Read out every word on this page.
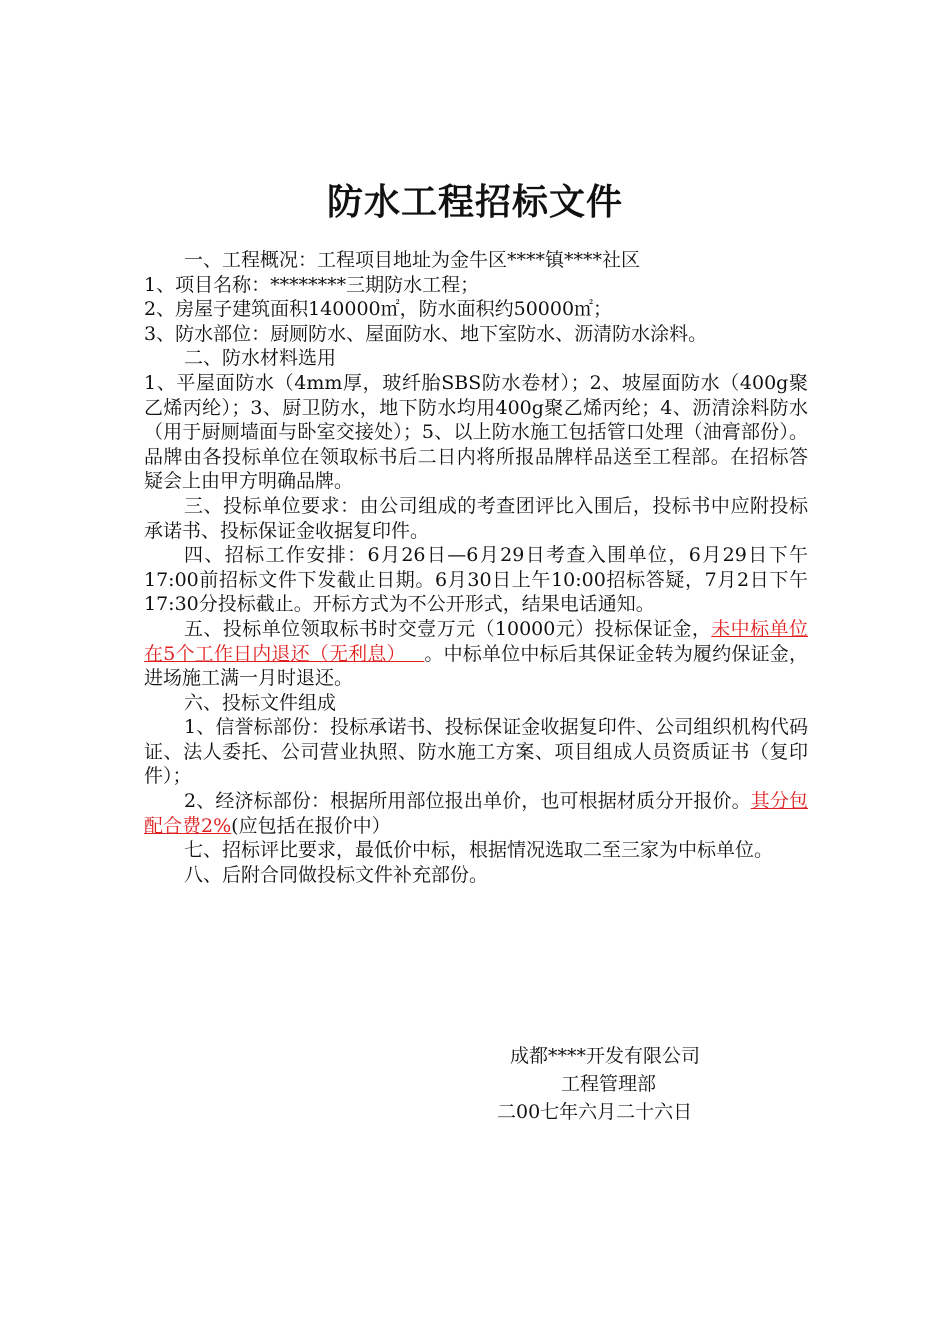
防水工程招标文件

一、工程概况：工程项目地址为金牛区****镇****社区

1、项目名称：********三期防水工程；

2、房屋子建筑面积140000㎡，防水面积约50000㎡；

3、防水部位：厨厕防水、屋面防水、地下室防水、沥清防水涂料。

二、防水材料选用

1、平屋面防水（4mm厚，玻纤胎SBS防水卷材）；2、坡屋面防水（400g聚乙烯丙纶）；3、厨卫防水，地下防水均用400g聚乙烯丙纶；4、沥清涂料防水（用于厨厕墙面与卧室交接处）；5、以上防水施工包括管口处理（油膏部份）。品牌由各投标单位在领取标书后二日内将所报品牌样品送至工程部。在招标答疑会上由甲方明确品牌。

三、投标单位要求：由公司组成的考查团评比入围后，投标书中应附投标承诺书、投标保证金收据复印件。

四、招标工作安排：6月26日—6月29日考查入围单位，6月29日下午17:00前招标文件下发截止日期。6月30日上午10:00招标答疑，7月2日下午17:30分投标截止。开标方式为不公开形式，结果电话通知。

五、投标单位领取标书时交壹万元（10000元）投标保证金，未中标单位在5个工作日内退还（无利息） 。中标单位中标后其保证金转为履约保证金，进场施工满一月时退还。

六、投标文件组成

1、信誉标部份：投标承诺书、投标保证金收据复印件、公司组织机构代码证、法人委托、公司营业执照、防水施工方案、项目组成人员资质证书（复印件）；

2、经济标部份：根据所用部位报出单价，也可根据材质分开报价。其分包配合费2%(应包括在报价中）

七、招标评比要求，最低价中标，根据情况选取二至三家为中标单位。

八、后附合同做投标文件补充部份。

成都****开发有限公司
工程管理部
二00七年六月二十六日
